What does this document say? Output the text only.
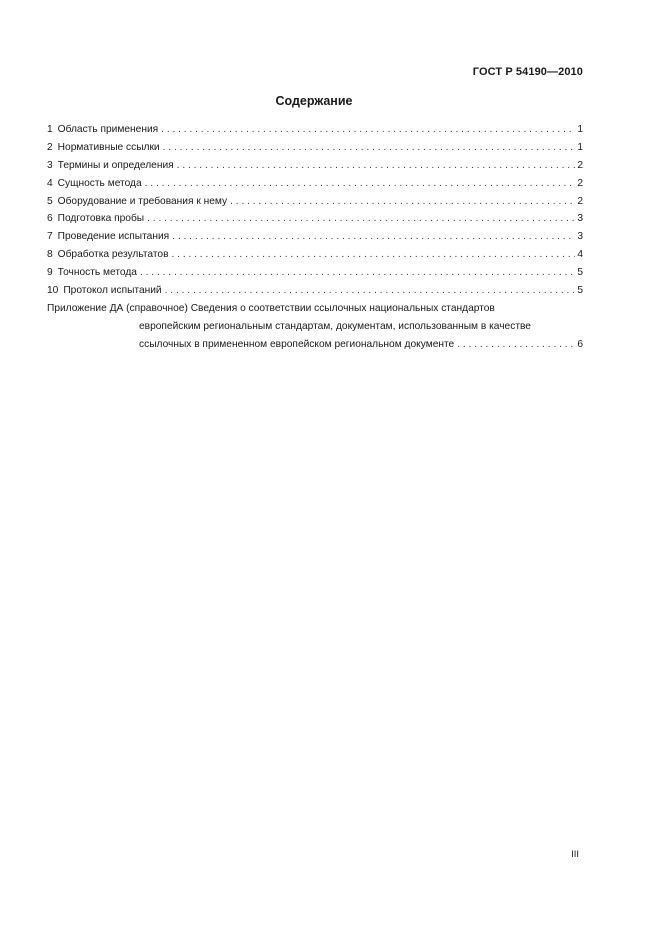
ГОСТ Р 54190—2010
Содержание
1 Область применения . . .	1
2 Нормативные ссылки . . .	1
3 Термины и определения . . .	2
4 Сущность метода . . .	2
5 Оборудование и требования к нему . . .	2
6 Подготовка пробы . . .	3
7 Проведение испытания . . .	3
8 Обработка результатов . . .	4
9 Точность метода . . .	5
10 Протокол испытаний . . .	5
Приложение ДА (справочное) Сведения о соответствии ссылочных национальных стандартов
европейским региональным стандартам, документам, использованным в качестве
ссылочных в примененном европейском региональном документе . . .	6
III
